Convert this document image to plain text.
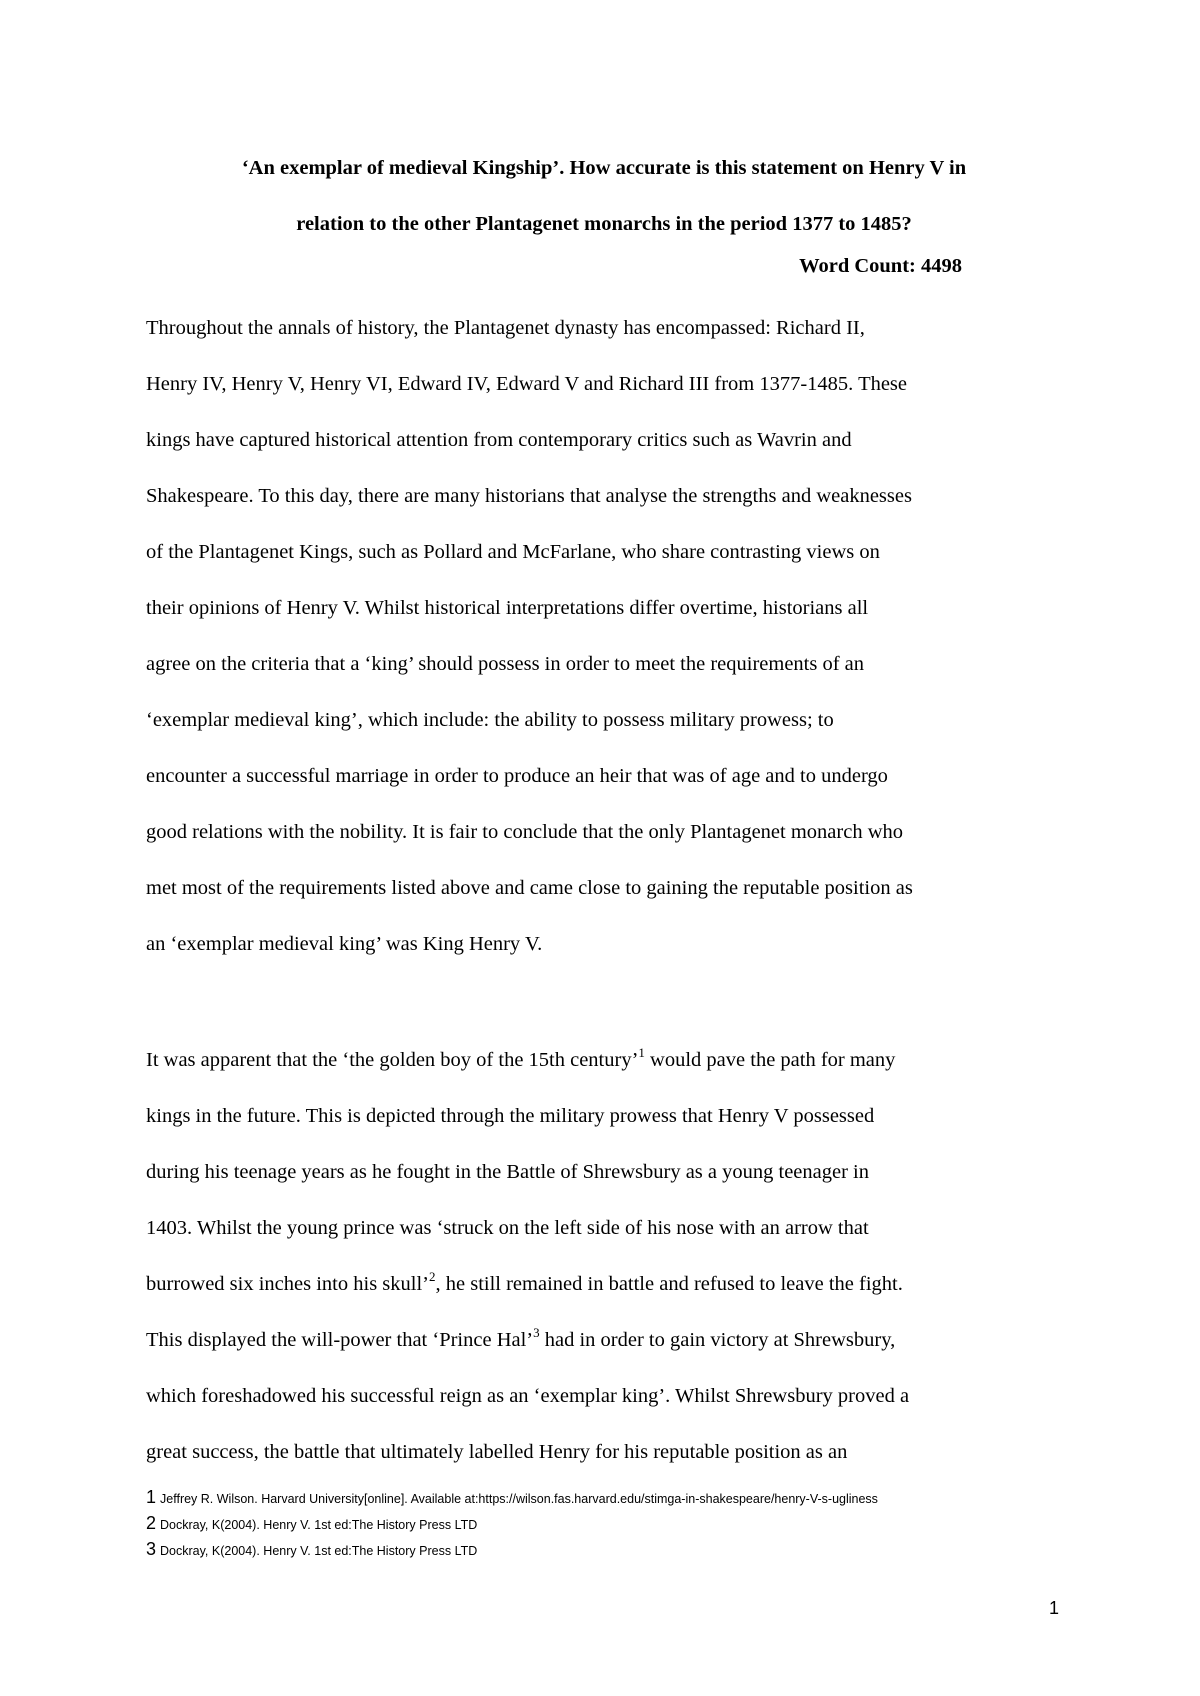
‘An exemplar of medieval Kingship’. How accurate is this statement on Henry V in
relation to the other Plantagenet monarchs in the period 1377 to 1485?
Word Count: 4498
Throughout the annals of history, the Plantagenet dynasty has encompassed: Richard II,
Henry IV, Henry V, Henry VI, Edward IV, Edward V and Richard III from 1377-1485. These
kings have captured historical attention from contemporary critics such as Wavrin and
Shakespeare. To this day, there are many historians that analyse the strengths and weaknesses
of the Plantagenet Kings, such as Pollard and McFarlane, who share contrasting views on
their opinions of Henry V. Whilst historical interpretations differ overtime, historians all
agree on the criteria that a ‘king’ should possess in order to meet the requirements of an
‘exemplar medieval king’, which include: the ability to possess military prowess; to
encounter a successful marriage in order to produce an heir that was of age and to undergo
good relations with the nobility. It is fair to conclude that the only Plantagenet monarch who
met most of the requirements listed above and came close to gaining the reputable position as
an ‘exemplar medieval king’ was King Henry V.
It was apparent that the ‘the golden boy of the 15th century’$^1$ would pave the path for many
kings in the future. This is depicted through the military prowess that Henry V possessed
during his teenage years as he fought in the Battle of Shrewsbury as a young teenager in
1403. Whilst the young prince was ‘struck on the left side of his nose with an arrow that
burrowed six inches into his skull’$^2$, he still remained in battle and refused to leave the fight.
This displayed the will-power that ‘Prince Hal’$^3$ had in order to gain victory at Shrewsbury,
which foreshadowed his successful reign as an ‘exemplar king’. Whilst Shrewsbury proved a
great success, the battle that ultimately labelled Henry for his reputable position as an
1 Jeffrey R. Wilson. Harvard University[online]. Available at:https://wilson.fas.harvard.edu/stimga-in-shakespeare/henry-V-s-ugliness
2 Dockray, K(2004). Henry V. 1st ed:The History Press LTD
3 Dockray, K(2004). Henry V. 1st ed:The History Press LTD
1
